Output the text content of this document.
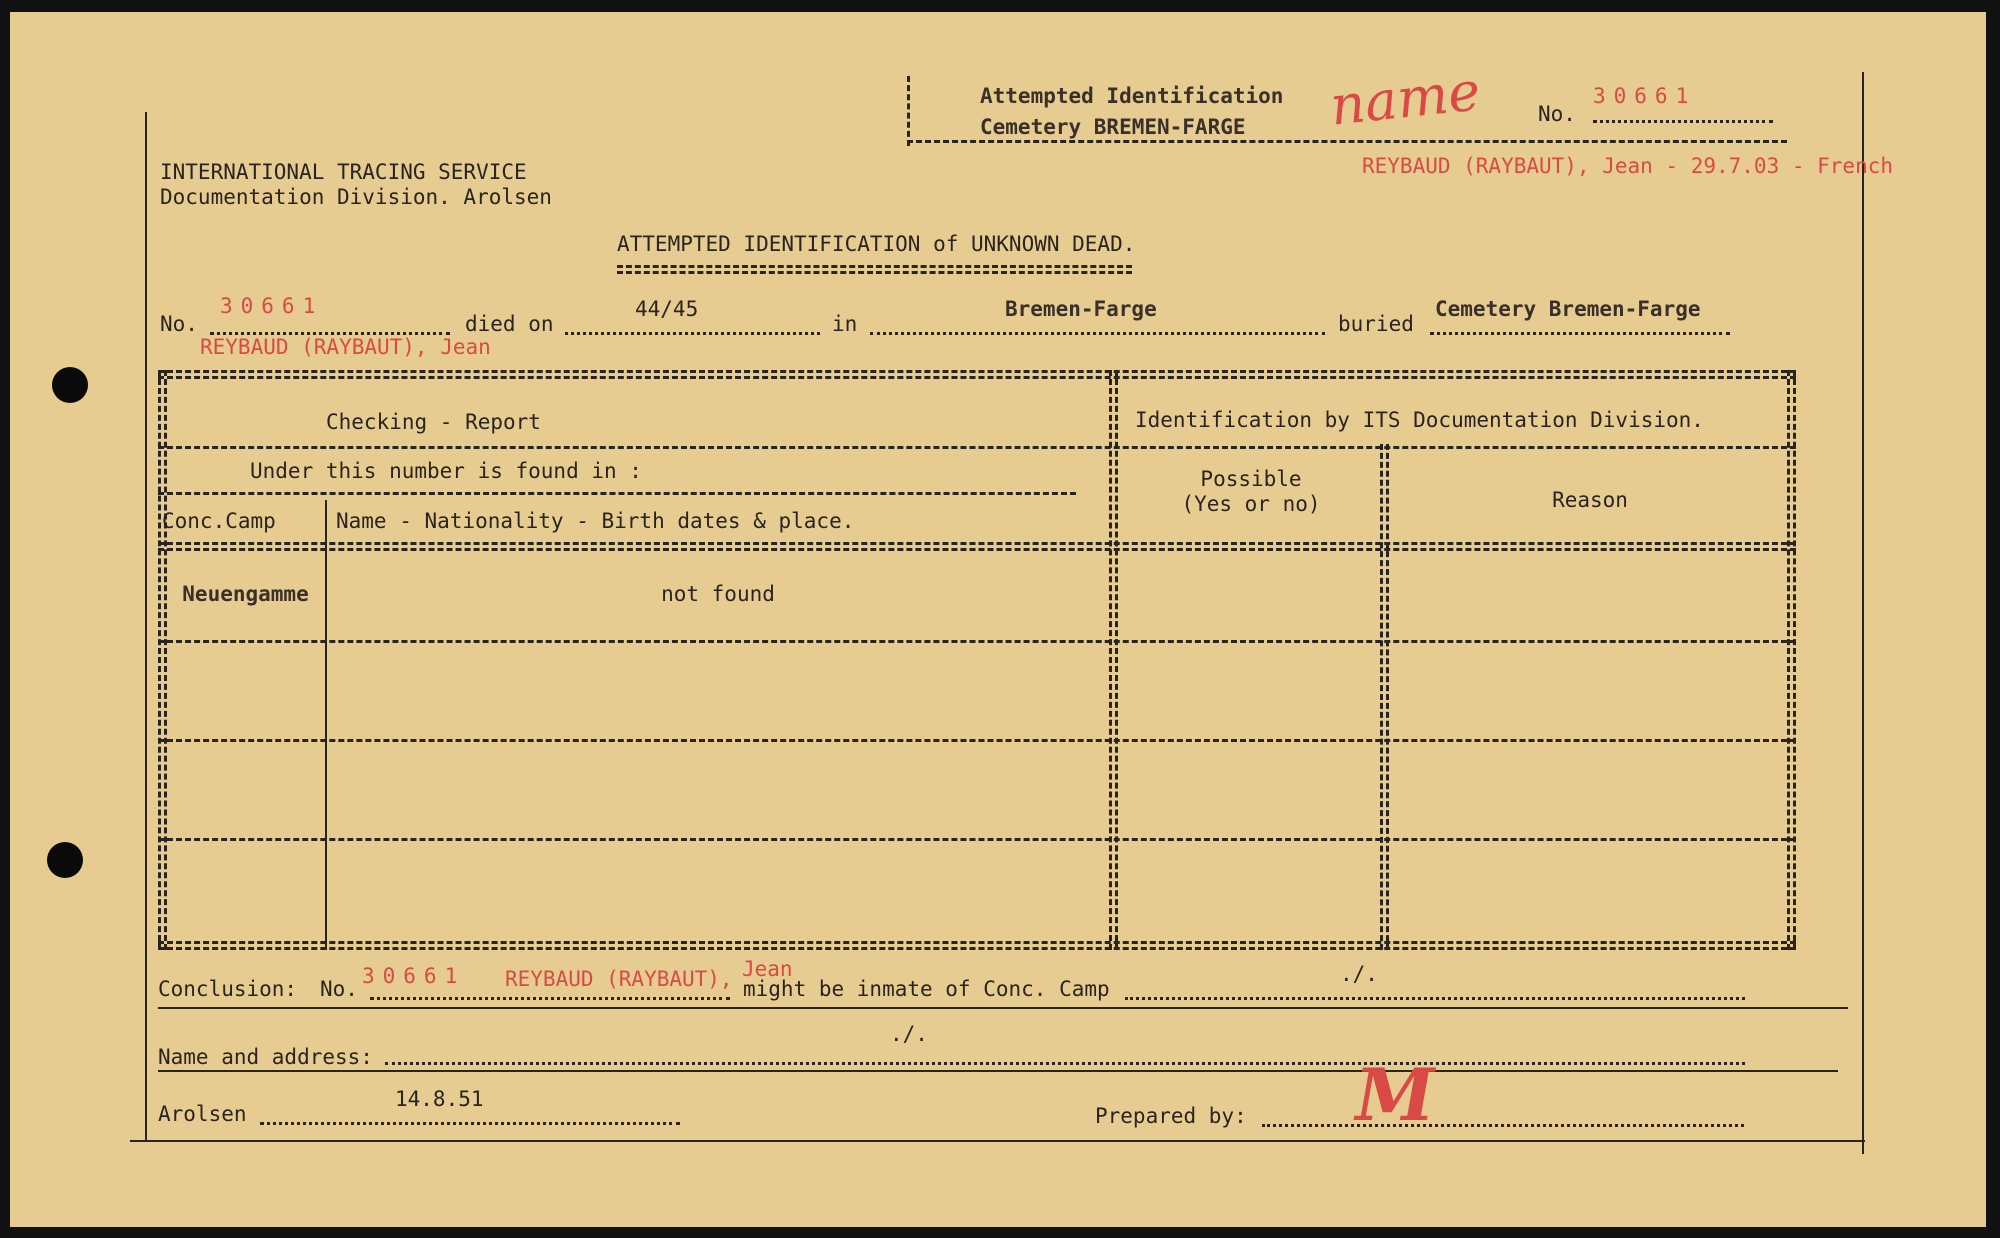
Attempted Identification
Cemetery BREMEN-FARGE name	No.
30661
REYBAUD (RAYBAUT), Jean - 29.7.03 - French
INTERNATIONAL TRACING SERVICE
Documentation Division. Arolsen
ATTEMPTED IDENTIFICATION of UNKNOWN DEAD.
No.
30661
died on
44/45
in
Bremen-Farge
buried
Cemetery Bremen-Farge
REYBAUD (RAYBAUT), Jean
Checking - Report	Identification by ITS Documentation Division.
Under this number is found in :
Conc.Camp	Name - Nationality - Birth dates & place.
Possible
(Yes or no)	Reason
Neuengamme	not found
Conclusion: No.
30661 REYBAUD (RAYBAUT), Jean
might be inmate of Conc. Camp
./.
Name and address:
./.
Arolsen
14.8.51
Prepared by: M
